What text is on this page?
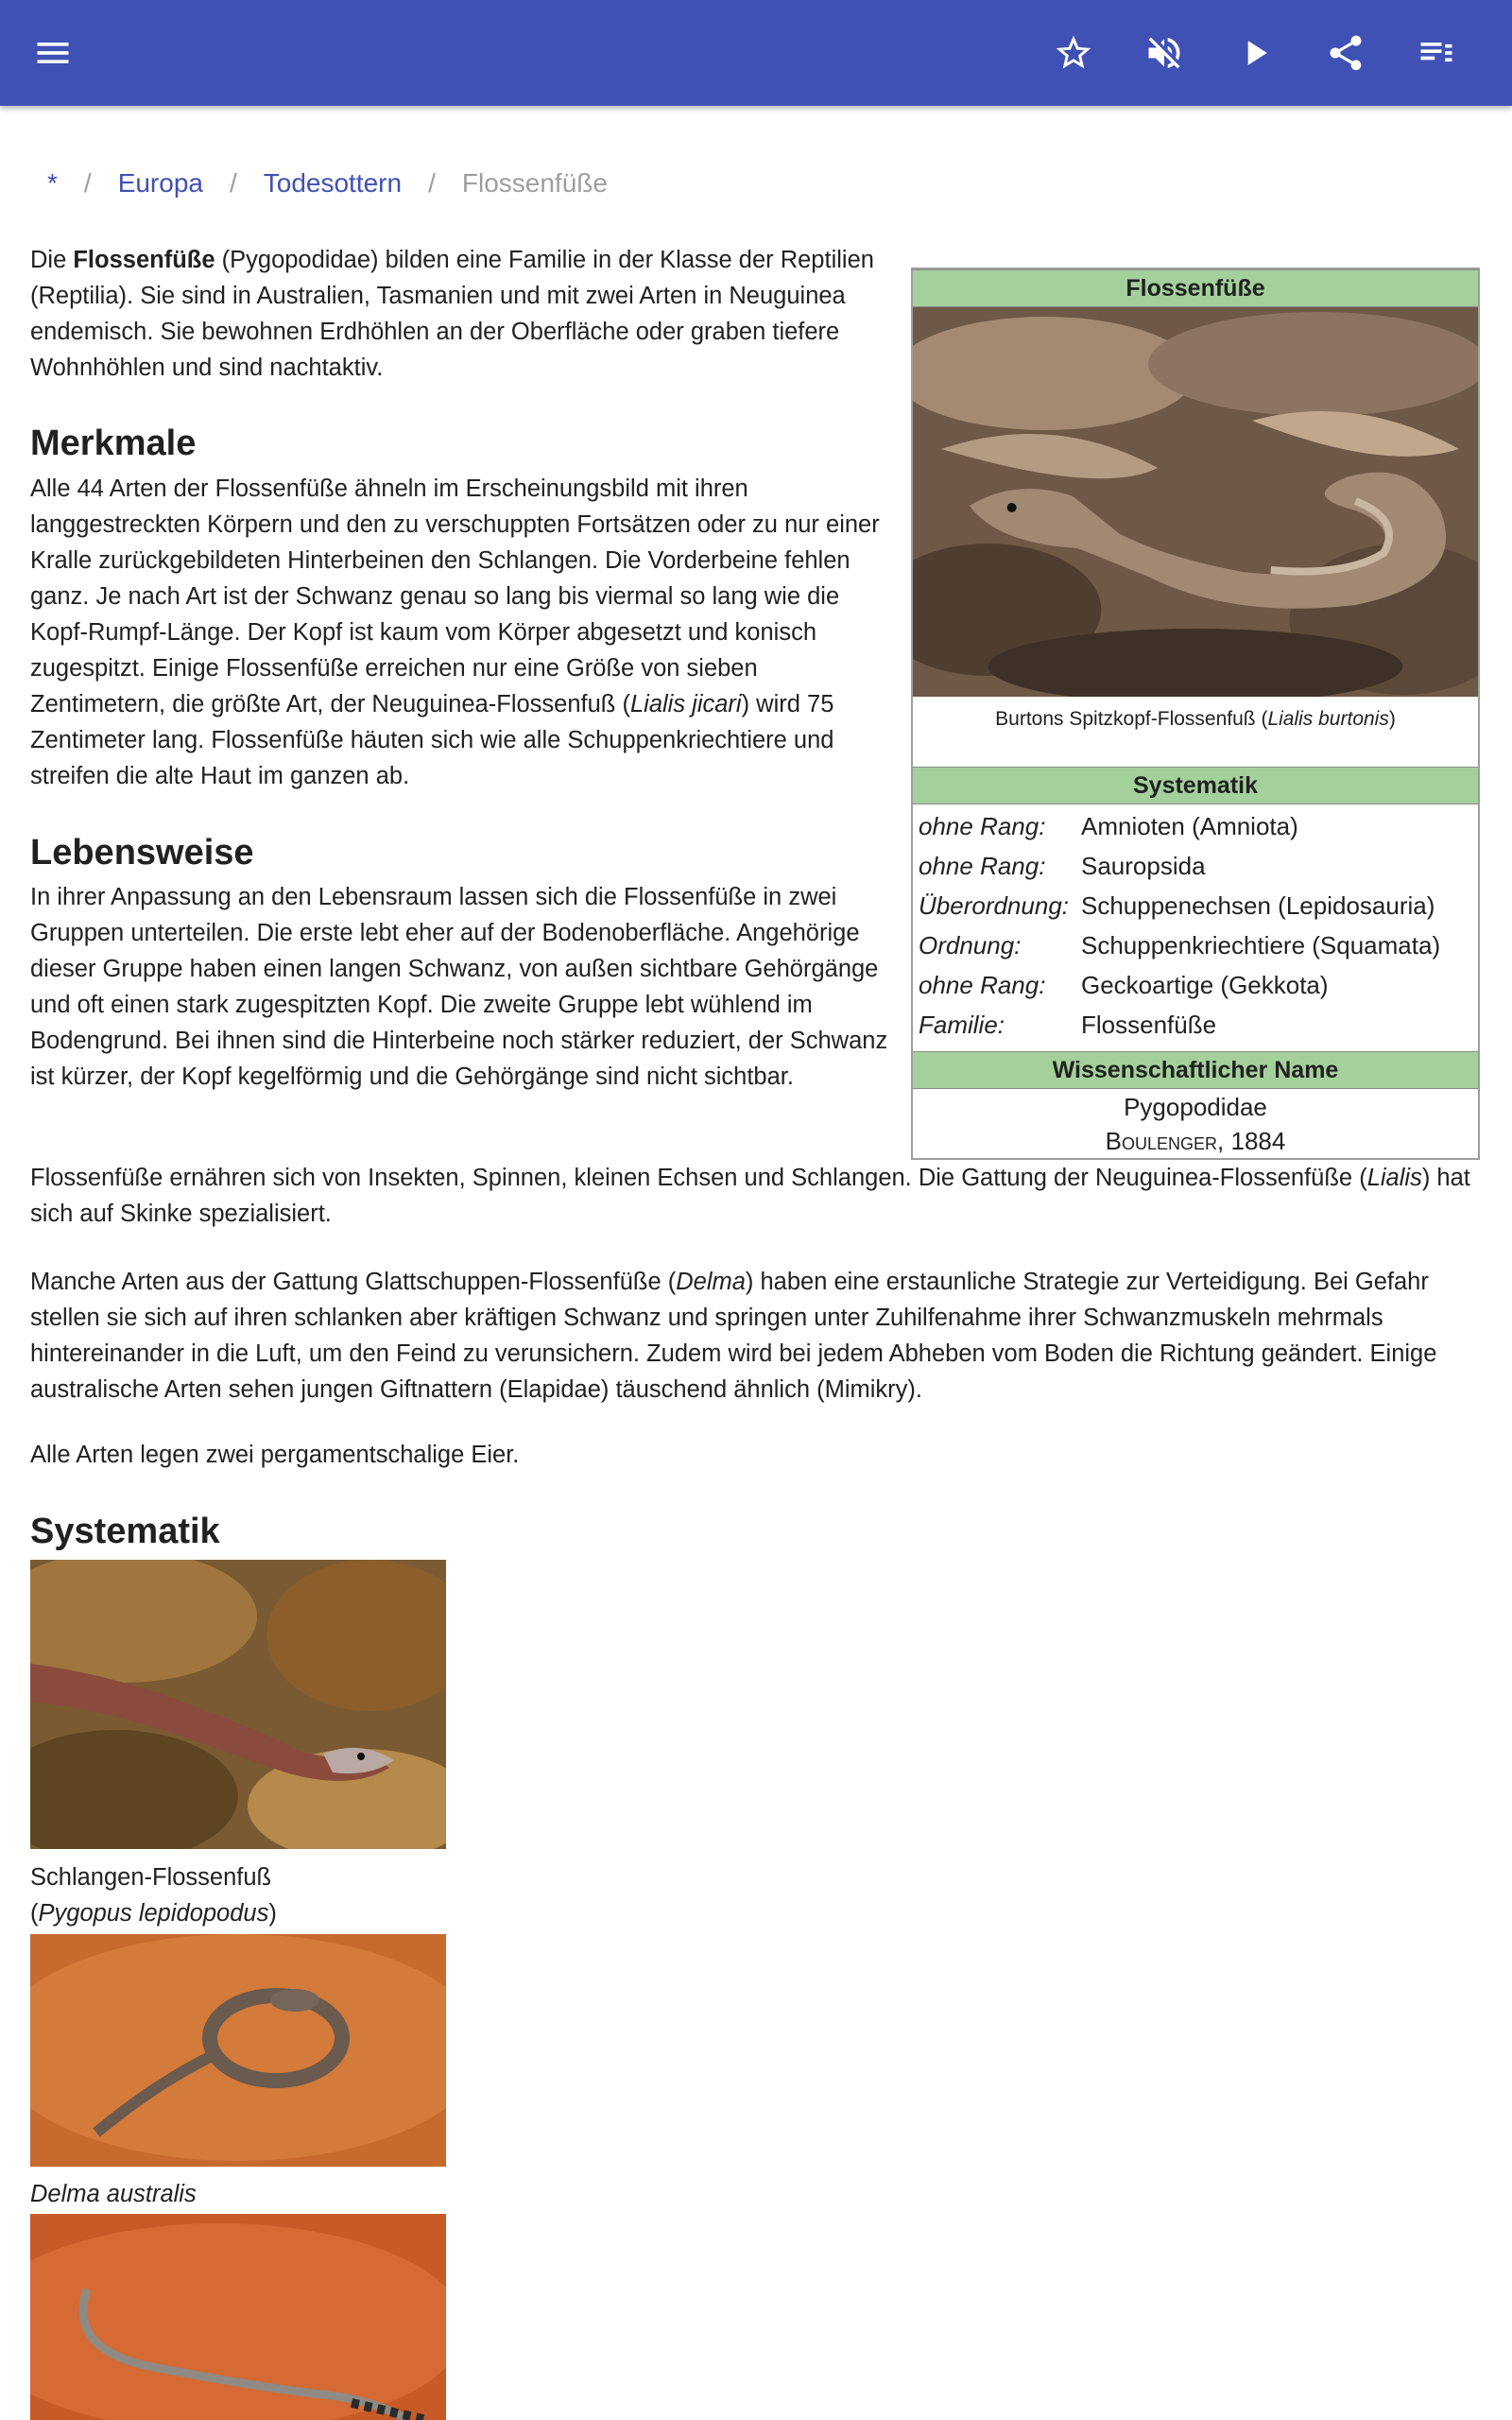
* / Europa / Todesottern / Flossenfüße

Die Flossenfüße (Pygopodidae) bilden eine Familie in der Klasse der Reptilien (Reptilia). Sie sind in Australien, Tasmanien und mit zwei Arten in Neuguinea endemisch. Sie bewohnen Erdhöhlen an der Oberfläche oder graben tiefere Wohnhöhlen und sind nachtaktiv.

Merkmale

Alle 44 Arten der Flossenfüße ähneln im Erscheinungsbild mit ihren langgestreckten Körpern und den zu verschuppten Fortsätzen oder zu nur einer Kralle zurückgebildeten Hinterbeinen den Schlangen. Die Vorderbeine fehlen ganz. Je nach Art ist der Schwanz genau so lang bis viermal so lang wie die Kopf-Rumpf-Länge. Der Kopf ist kaum vom Körper abgesetzt und konisch zugespitzt. Einige Flossenfüße erreichen nur eine Größe von sieben Zentimetern, die größte Art, der Neuguinea-Flossenfuß (Lialis jicari) wird 75 Zentimeter lang. Flossenfüße häuten sich wie alle Schuppenkriechtiere und streifen die alte Haut im ganzen ab.

Lebensweise

In ihrer Anpassung an den Lebensraum lassen sich die Flossenfüße in zwei Gruppen unterteilen. Die erste lebt eher auf der Bodenoberfläche. Angehörige dieser Gruppe haben einen langen Schwanz, von außen sichtbare Gehörgänge und oft einen stark zugespitzten Kopf. Die zweite Gruppe lebt wühlend im Bodengrund. Bei ihnen sind die Hinterbeine noch stärker reduziert, der Schwanz ist kürzer, der Kopf kegelförmig und die Gehörgänge sind nicht sichtbar.

Flossenfüße ernähren sich von Insekten, Spinnen, kleinen Echsen und Schlangen. Die Gattung der Neuguinea-Flossenfüße (Lialis) hat sich auf Skinke spezialisiert.

Manche Arten aus der Gattung Glattschuppen-Flossenfüße (Delma) haben eine erstaunliche Strategie zur Verteidigung. Bei Gefahr stellen sie sich auf ihren schlanken aber kräftigen Schwanz und springen unter Zuhilfenahme ihrer Schwanzmuskeln mehrmals hintereinander in die Luft, um den Feind zu verunsichern. Zudem wird bei jedem Abheben vom Boden die Richtung geändert. Einige australische Arten sehen jungen Giftnattern (Elapidae) täuschend ähnlich (Mimikry).

Alle Arten legen zwei pergamentschalige Eier.

Flossenfüße
Burtons Spitzkopf-Flossenfuß (Lialis burtonis)
Systematik
ohne Rang: Amnioten (Amniota)
ohne Rang: Sauropsida
Überordnung: Schuppenechsen (Lepidosauria)
Ordnung: Schuppenkriechtiere (Squamata)
ohne Rang: Geckoartige (Gekkota)
Familie:	Flossenfüße
Wissenschaftlicher Name
Pygopodidae
Boulenger, 1884
Systematik

Schlangen-Flossenfuß
(Pygopus lepidopodus)

Delma australis
